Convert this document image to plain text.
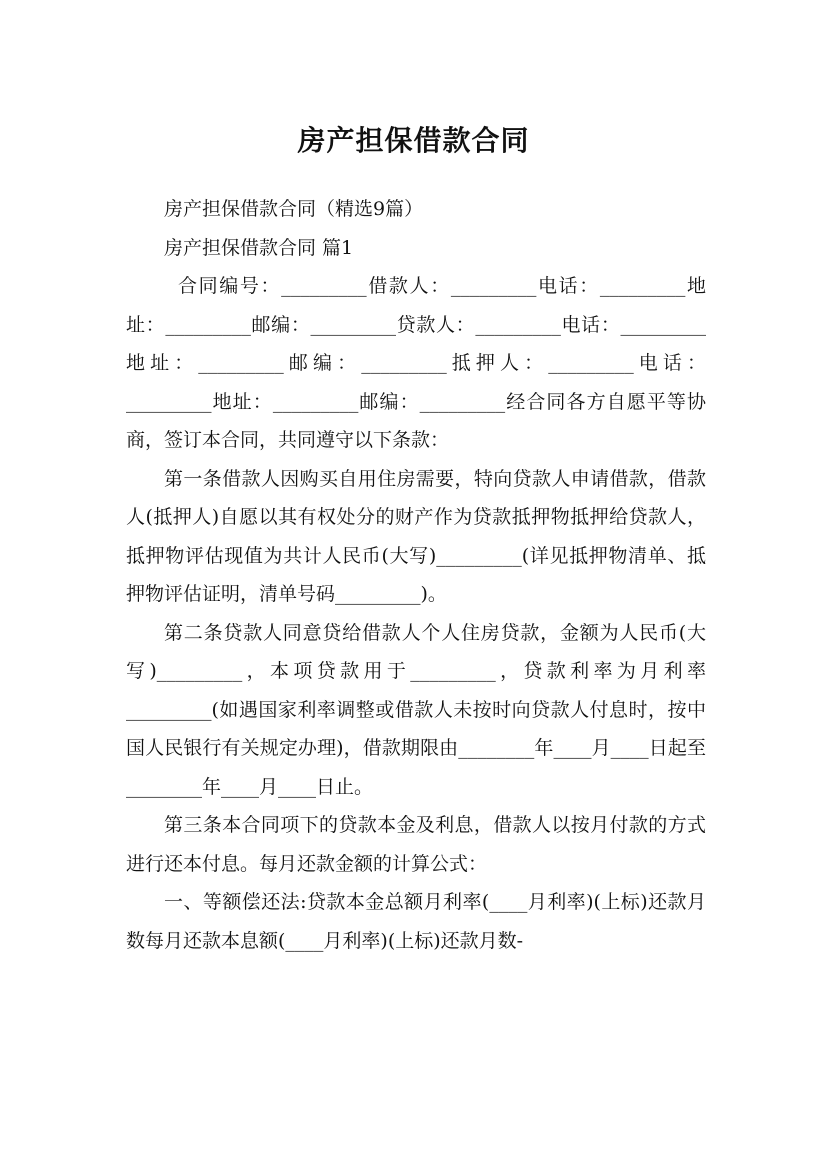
房产担保借款合同

房产担保借款合同（精选9篇）

房产担保借款合同 篇1

合同编号：_________借款人：_________电话：_________地址：_________邮编：_________贷款人：_________电话：_________地址：_________邮编：_________抵押人：_________电话：_________地址：_________邮编：_________经合同各方自愿平等协商，签订本合同，共同遵守以下条款：

第一条借款人因购买自用住房需要，特向贷款人申请借款，借款人(抵押人)自愿以其有权处分的财产作为贷款抵押物抵押给贷款人，抵押物评估现值为共计人民币(大写)_________(详见抵押物清单、抵押物评估证明，清单号码_________)。

第二条贷款人同意贷给借款人个人住房贷款，金额为人民币(大写)_________，本项贷款用于_________，贷款利率为月利率_________(如遇国家利率调整或借款人未按时向贷款人付息时，按中国人民银行有关规定办理)，借款期限由________年____月____日起至________年____月____日止。

第三条本合同项下的贷款本金及利息，借款人以按月付款的方式进行还本付息。每月还款金额的计算公式：

一、等额偿还法:贷款本金总额月利率(____月利率)(上标)还款月数每月还款本息额(____月利率)(上标)还款月数-
